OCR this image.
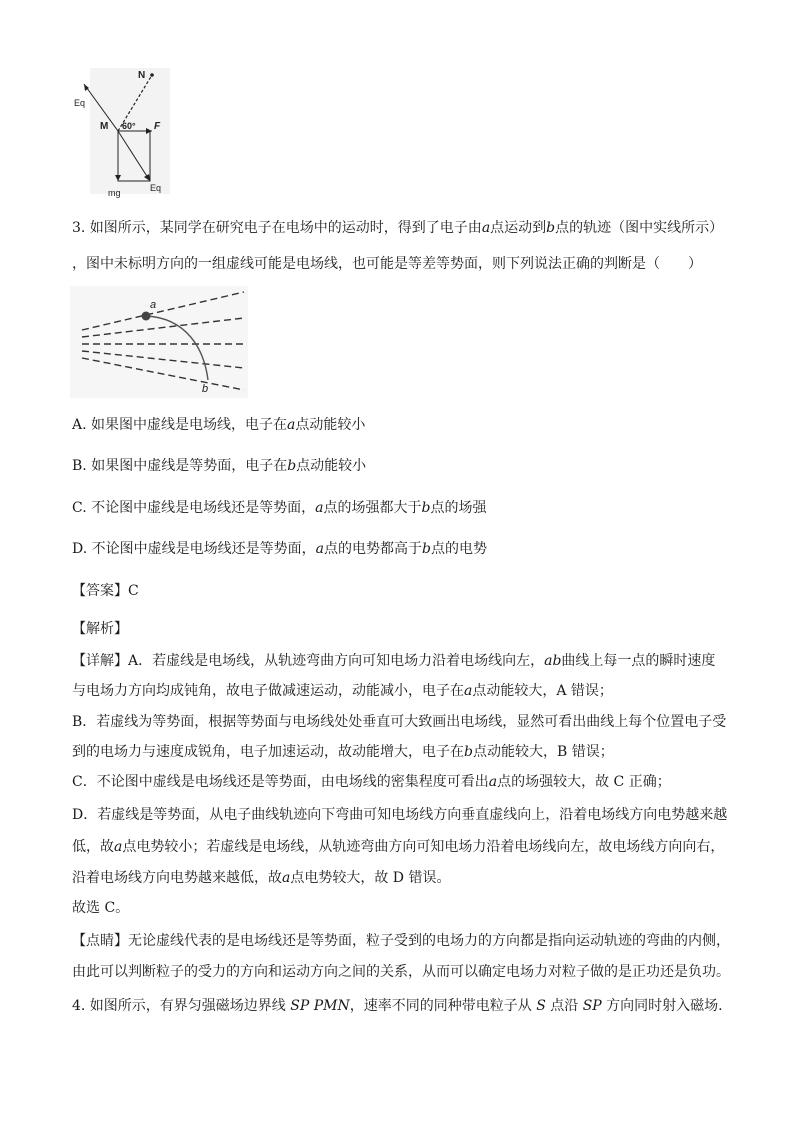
N
M 60° F
Eq
Eq
mg
3. 如图所示，某同学在研究电子在电场中的运动时，得到了电子由a点运动到b点的轨迹（图中实线所示）
，图中未标明方向的一组虚线可能是电场线，也可能是等差等势面，则下列说法正确的判断是（　　）
a
b
A. 如果图中虚线是电场线，电子在a点动能较小
B. 如果图中虚线是等势面，电子在b点动能较小
C. 不论图中虚线是电场线还是等势面，a点的场强都大于b点的场强
D. 不论图中虚线是电场线还是等势面，a点的电势都高于b点的电势
【答案】C
【解析】
【详解】A．若虚线是电场线，从轨迹弯曲方向可知电场力沿着电场线向左，ab曲线上每一点的瞬时速度
与电场力方向均成钝角，故电子做减速运动，动能减小，电子在a点动能较大，A 错误；
B．若虚线为等势面，根据等势面与电场线处处垂直可大致画出电场线，显然可看出曲线上每个位置电子受
到的电场力与速度成锐角，电子加速运动，故动能增大，电子在b点动能较大，B 错误；
C．不论图中虚线是电场线还是等势面，由电场线的密集程度可看出a点的场强较大，故 C 正确；
D．若虚线是等势面，从电子曲线轨迹向下弯曲可知电场线方向垂直虚线向上，沿着电场线方向电势越来越
低，故a点电势较小；若虚线是电场线，从轨迹弯曲方向可知电场力沿着电场线向左，故电场线方向向右，
沿着电场线方向电势越来越低，故a点电势较大，故 D 错误。
故选 C。
【点睛】无论虚线代表的是电场线还是等势面，粒子受到的电场力的方向都是指向运动轨迹的弯曲的内侧，
由此可以判断粒子的受力的方向和运动方向之间的关系，从而可以确定电场力对粒子做的是正功还是负功。
4. 如图所示，有界匀强磁场边界线 SP PMN，速率不同的同种带电粒子从 S 点沿 SP 方向同时射入磁场.
